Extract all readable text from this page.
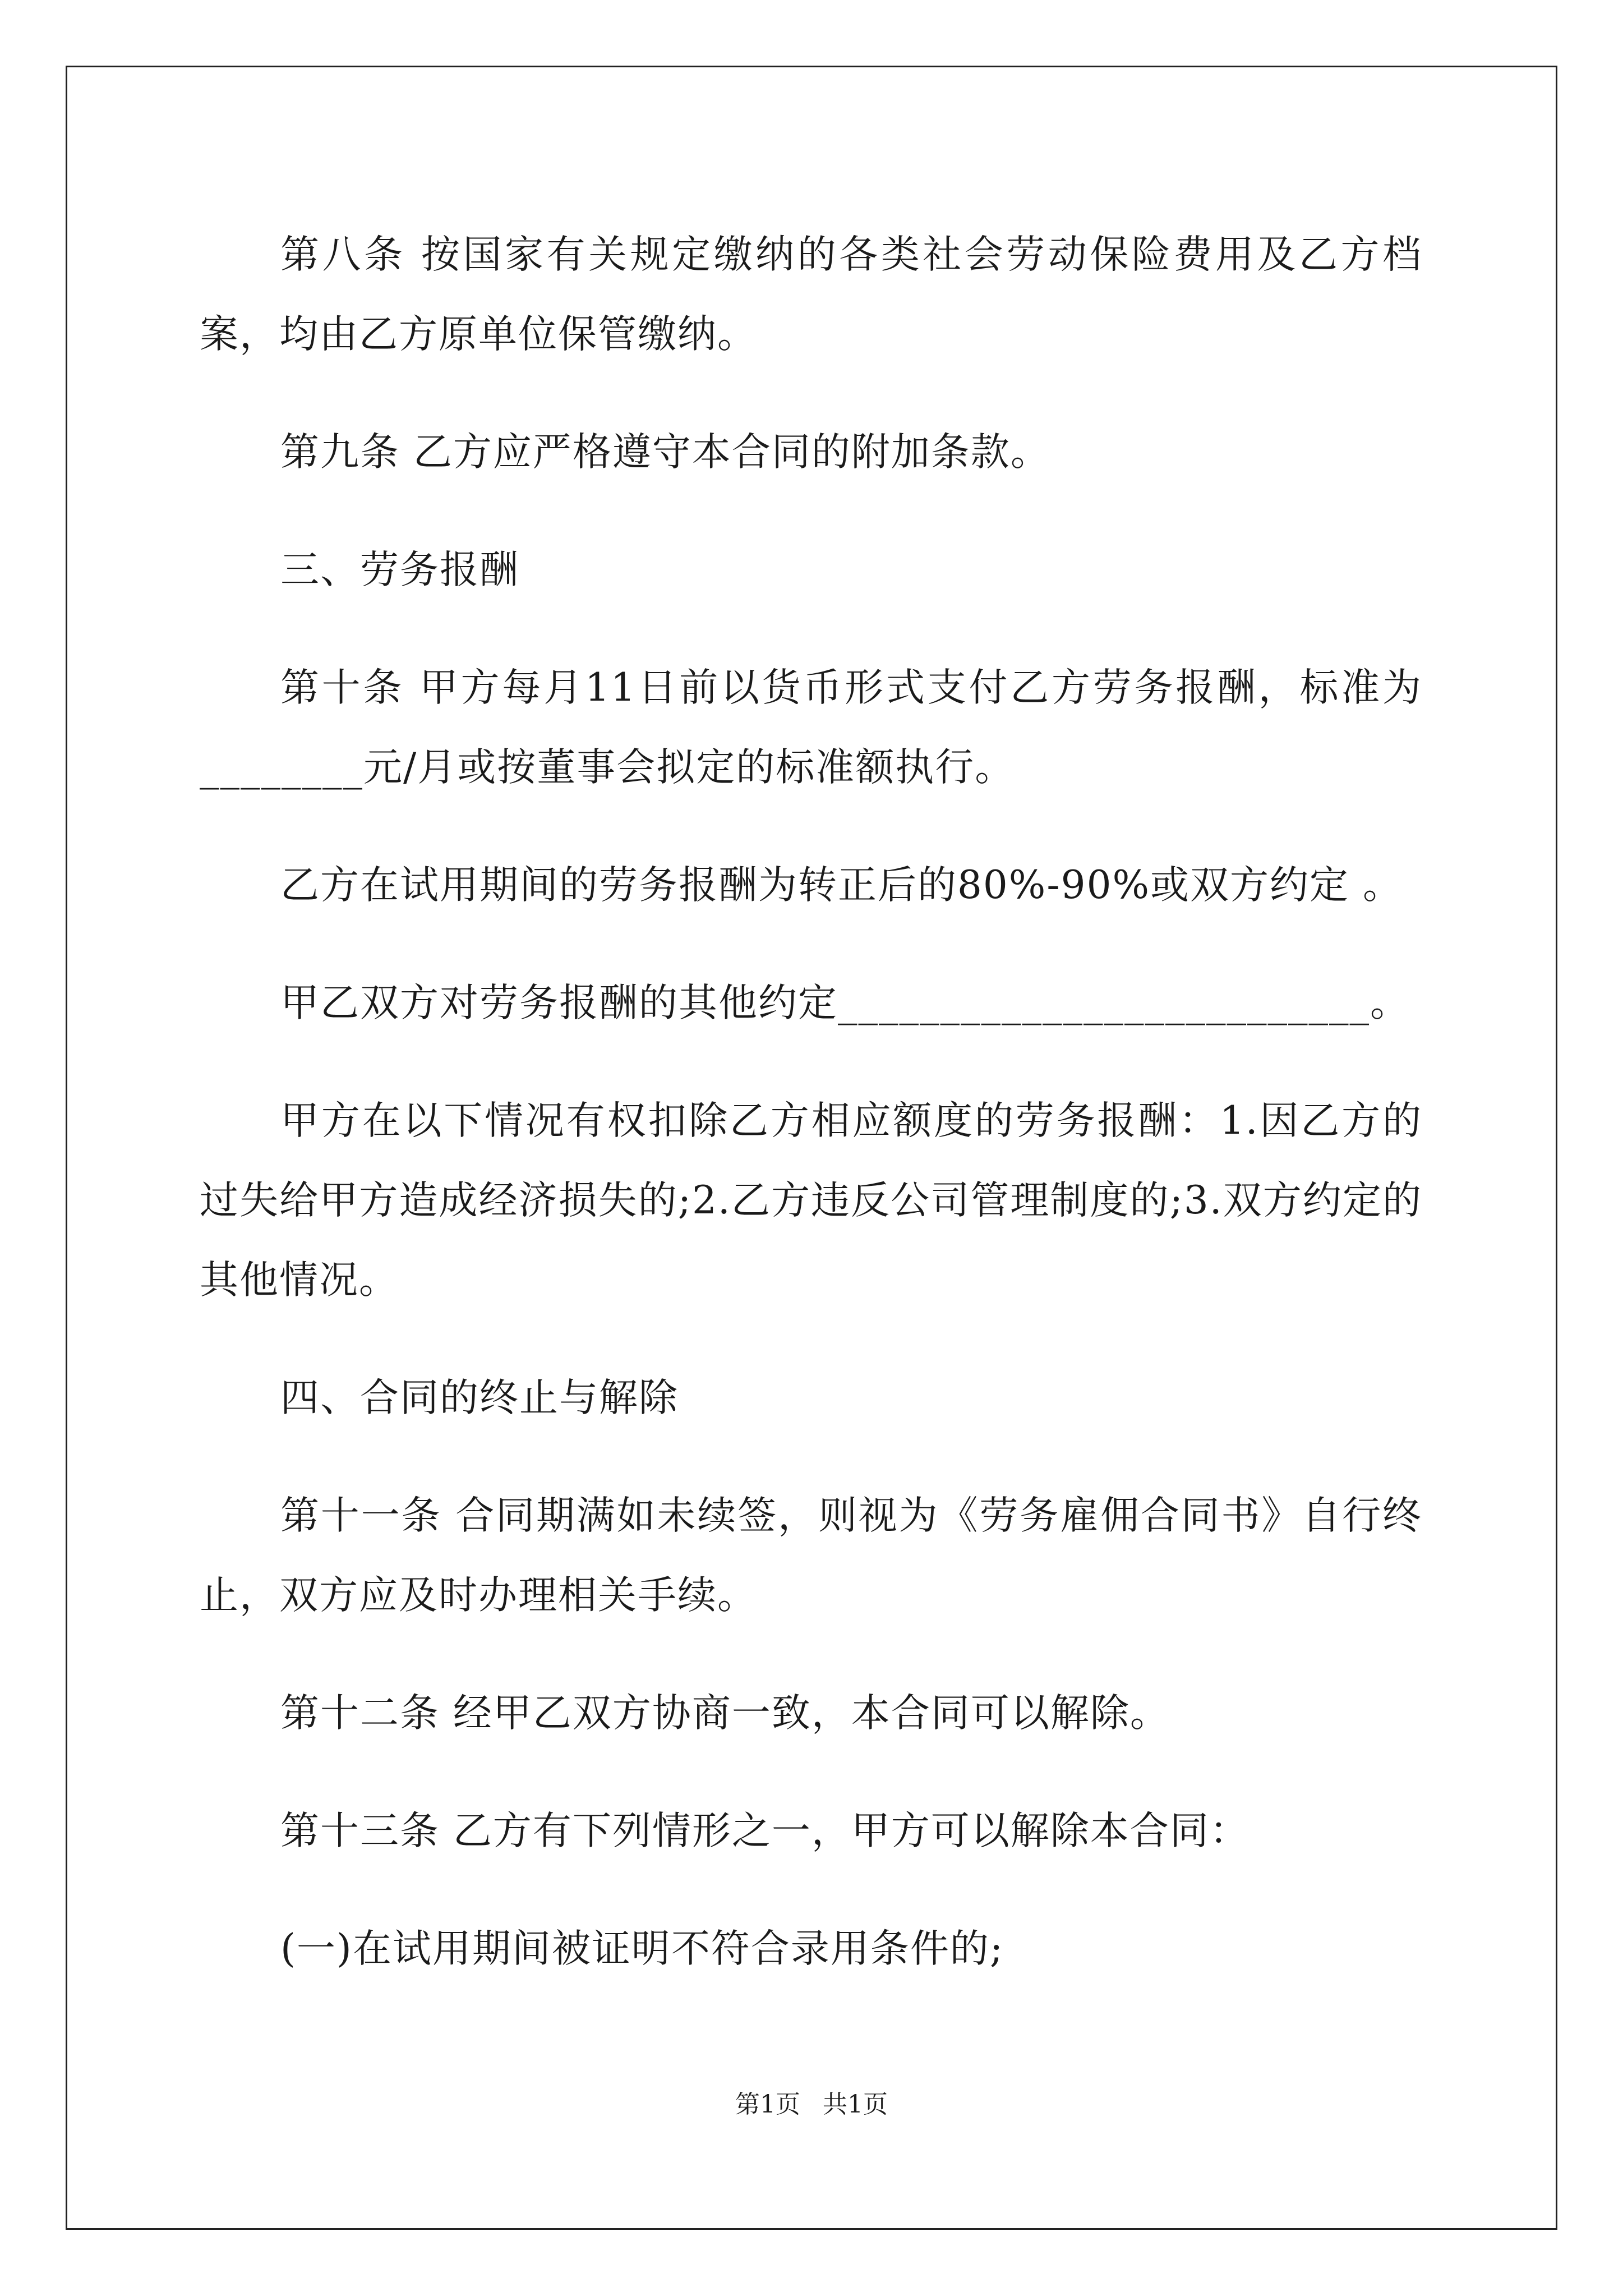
第八条 按国家有关规定缴纳的各类社会劳动保险费用及乙方档案，均由乙方原单位保管缴纳。

第九条 乙方应严格遵守本合同的附加条款。

三、劳务报酬

第十条 甲方每月11日前以货币形式支付乙方劳务报酬，标准为________元/月或按董事会拟定的标准额执行。

乙方在试用期间的劳务报酬为转正后的80%-90%或双方约定 。

甲乙双方对劳务报酬的其他约定__________________________。

甲方在以下情况有权扣除乙方相应额度的劳务报酬：1.因乙方的过失给甲方造成经济损失的;2.乙方违反公司管理制度的;3.双方约定的其他情况。

四、合同的终止与解除

第十一条 合同期满如未续签，则视为《劳务雇佣合同书》自行终止，双方应及时办理相关手续。

第十二条 经甲乙双方协商一致，本合同可以解除。

第十三条 乙方有下列情形之一，甲方可以解除本合同：

(一)在试用期间被证明不符合录用条件的;

第1页 共1页
